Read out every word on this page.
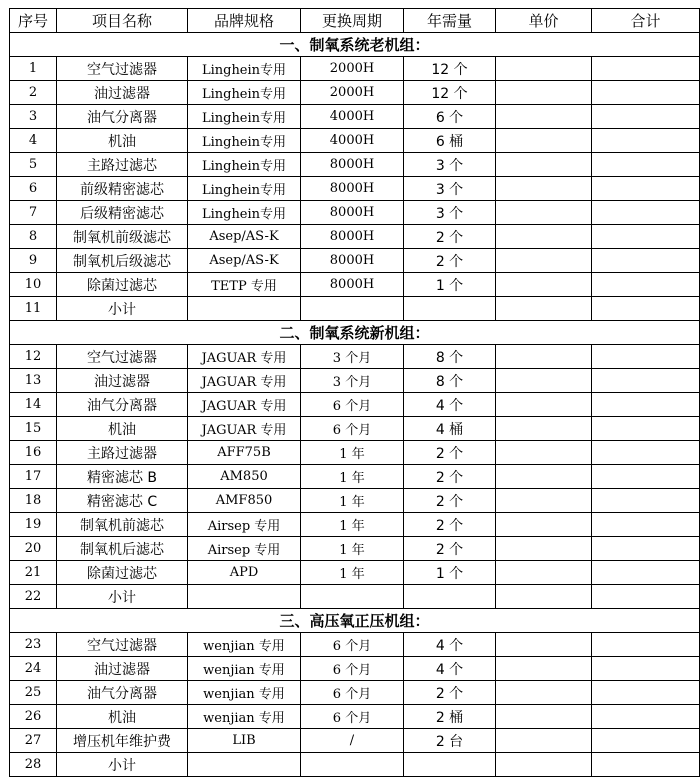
序号	项目名称	品牌规格	更换周期	年需量	单价	合计
一、制氧系统老机组：						
1	空气过滤器	Linghein专用	2000H	12 个		
2	油过滤器	Linghein专用	2000H	12 个		
3	油气分离器	Linghein专用	4000H	6 个		
4	机油	Linghein专用	4000H	6 桶		
5	主路过滤芯	Linghein专用	8000H	3 个		
6	前级精密滤芯	Linghein专用	8000H	3 个		
7	后级精密滤芯	Linghein专用	8000H	3 个		
8	制氧机前级滤芯	Asep/AS-K	8000H	2 个		
9	制氧机后级滤芯	Asep/AS-K	8000H	2 个		
10	除菌过滤芯	TETP 专用	8000H	1 个		
11	小计					
二、制氧系统新机组：						
12	空气过滤器	JAGUAR 专用	3 个月	8 个		
13	油过滤器	JAGUAR 专用	3 个月	8 个		
14	油气分离器	JAGUAR 专用	6 个月	4 个		
15	机油	JAGUAR 专用	6 个月	4 桶		
16	主路过滤器	AFF75B	1 年	2 个		
17	精密滤芯 B	AM850	1 年	2 个		
18	精密滤芯 C	AMF850	1 年	2 个		
19	制氧机前滤芯	Airsep 专用	1 年	2 个		
20	制氧机后滤芯	Airsep 专用	1 年	2 个		
21	除菌过滤芯	APD	1 年	1 个		
22	小计					
三、高压氧正压机组：						
23	空气过滤器	wenjian 专用	6 个月	4 个		
24	油过滤器	wenjian 专用	6 个月	4 个		
25	油气分离器	wenjian 专用	6 个月	2 个		
26	机油	wenjian 专用	6 个月	2 桶		
27	增压机年维护费	LIB	/	2 台		
28	小计					
